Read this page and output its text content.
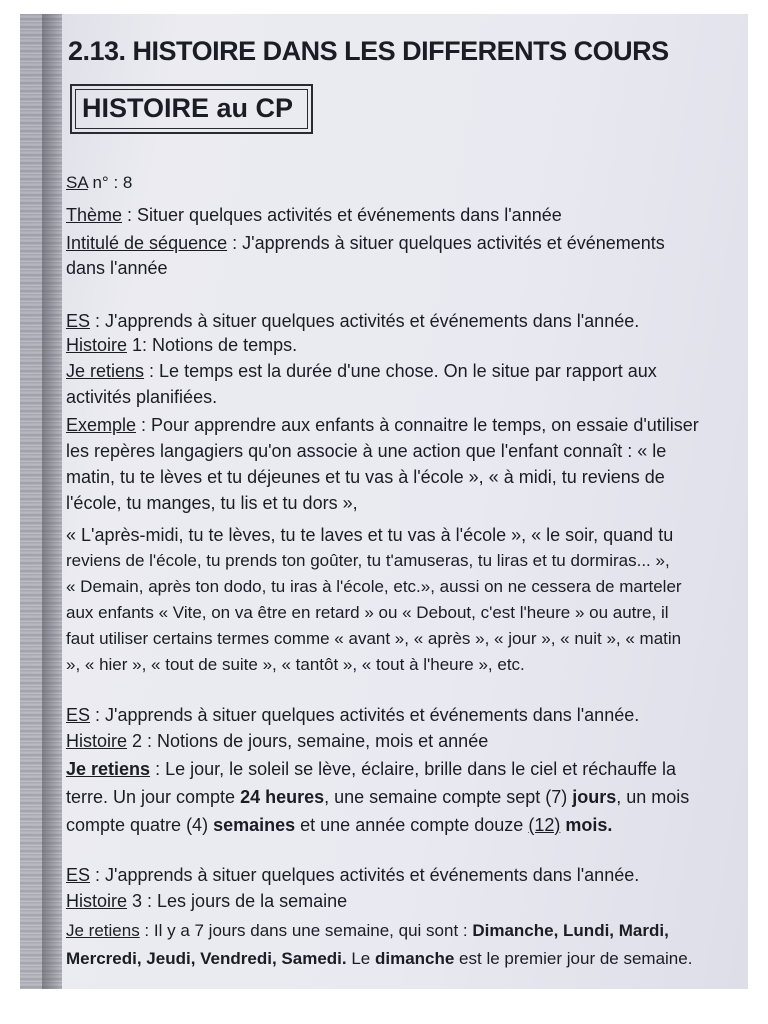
2.13. HISTOIRE DANS LES DIFFERENTS COURS
HISTOIRE au CP
SA n° : 8
Thème : Situer quelques activités et événements dans l'année
Intitulé de séquence : J'apprends à situer quelques activités et événements
dans l'année
ES : J'apprends à situer quelques activités et événements dans l'année.
Histoire 1: Notions de temps.
Je retiens : Le temps est la durée d'une chose. On le situe par rapport aux
activités planifiées.
Exemple : Pour apprendre aux enfants à connaitre le temps, on essaie d'utiliser
les repères langagiers qu'on associe à une action que l'enfant connaît : « le
matin, tu te lèves et tu déjeunes et tu vas à l'école », « à midi, tu reviens de
l'école, tu manges, tu lis et tu dors »,
« L'après-midi, tu te lèves, tu te laves et tu vas à l'école », « le soir, quand tu
reviens de l'école, tu prends ton goûter, tu t'amuseras, tu liras et tu dormiras... »,
« Demain, après ton dodo, tu iras à l'école, etc.», aussi on ne cessera de marteler
aux enfants « Vite, on va être en retard » ou « Debout, c'est l'heure » ou autre, il
faut utiliser certains termes comme « avant », « après », « jour », « nuit », « matin
», « hier », « tout de suite », « tantôt », « tout à l'heure », etc.
ES : J'apprends à situer quelques activités et événements dans l'année.
Histoire 2 : Notions de jours, semaine, mois et année
Je retiens : Le jour, le soleil se lève, éclaire, brille dans le ciel et réchauffe la
terre. Un jour compte 24 heures, une semaine compte sept (7) jours, un mois
compte quatre (4) semaines et une année compte douze (12) mois.
ES : J'apprends à situer quelques activités et événements dans l'année.
Histoire 3 : Les jours de la semaine
Je retiens : Il y a 7 jours dans une semaine, qui sont : Dimanche, Lundi, Mardi,
Mercredi, Jeudi, Vendredi, Samedi. Le dimanche est le premier jour de semaine.
